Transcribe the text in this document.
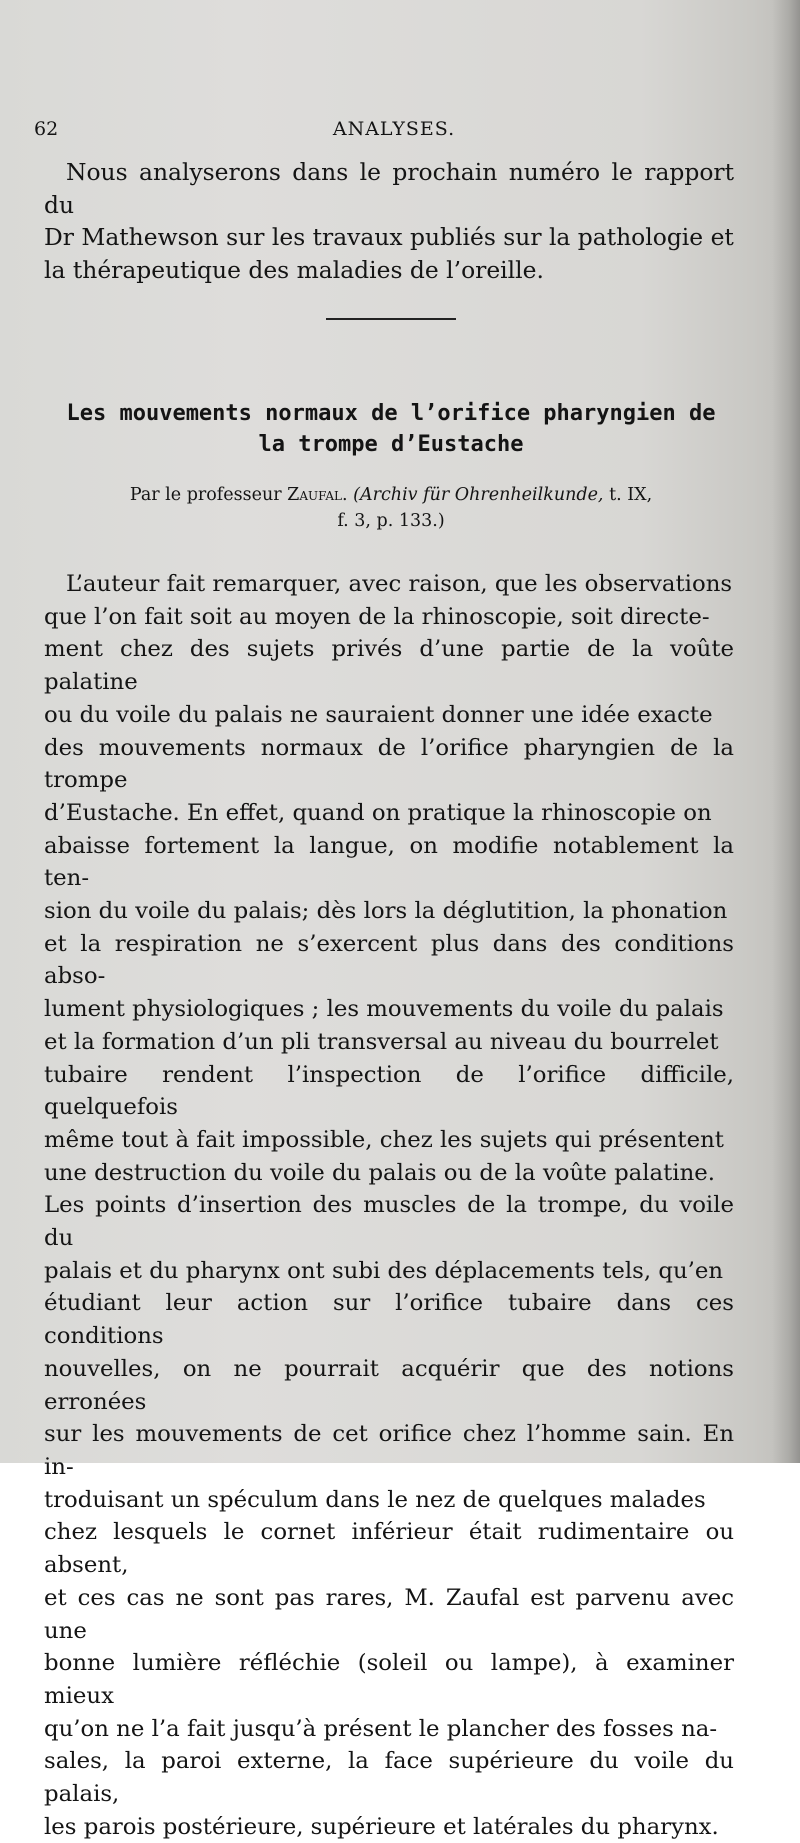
62	ANALYSES.
Nous analyserons dans le prochain numéro le rapport du
Dr Mathewson sur les travaux publiés sur la pathologie et
la thérapeutique des maladies de l’oreille.
Les mouvements normaux de l’orifice pharyngien de
la trompe d’Eustache
Par le professeur Zaufal. (Archiv für Ohrenheilkunde, t. IX,
f. 3, p. 133.)
L’auteur fait remarquer, avec raison, que les observations
que l’on fait soit au moyen de la rhinoscopie, soit directe-
ment chez des sujets privés d’une partie de la voûte palatine
ou du voile du palais ne sauraient donner une idée exacte
des mouvements normaux de l’orifice pharyngien de la trompe
d’Eustache. En effet, quand on pratique la rhinoscopie on
abaisse fortement la langue, on modifie notablement la ten-
sion du voile du palais; dès lors la déglutition, la phonation
et la respiration ne s’exercent plus dans des conditions abso-
lument physiologiques ; les mouvements du voile du palais
et la formation d’un pli transversal au niveau du bourrelet
tubaire rendent l’inspection de l’orifice difficile, quelquefois
même tout à fait impossible, chez les sujets qui présentent
une destruction du voile du palais ou de la voûte palatine.
Les points d’insertion des muscles de la trompe, du voile du
palais et du pharynx ont subi des déplacements tels, qu’en
étudiant leur action sur l’orifice tubaire dans ces conditions
nouvelles, on ne pourrait acquérir que des notions erronées
sur les mouvements de cet orifice chez l’homme sain. En in-
troduisant un spéculum dans le nez de quelques malades
chez lesquels le cornet inférieur était rudimentaire ou absent,
et ces cas ne sont pas rares, M. Zaufal est parvenu avec une
bonne lumière réfléchie (soleil ou lampe), à examiner mieux
qu’on ne l’a fait jusqu’à présent le plancher des fosses na-
sales, la paroi externe, la face supérieure du voile du palais,
les parois postérieure, supérieure et latérales du pharynx.
